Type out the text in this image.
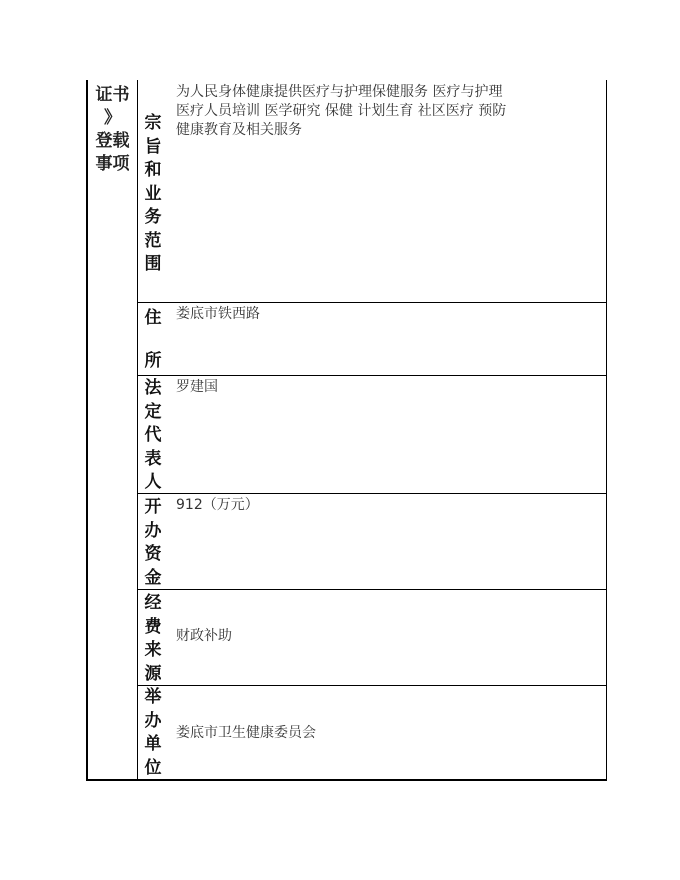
证书
》
登载
事项
宗
旨
和
业
务
范
围
为人民身体健康提供医疗与护理保健服务 医疗与护理
医疗人员培训 医学研究 保健 计划生育 社区医疗 预防
健康教育及相关服务
住
所
娄底市铁西路
法
定
代
表
人
罗建国
开
办
资
金
912（万元）
经
费
来
源
财政补助
举
办
单
位
娄底市卫生健康委员会
